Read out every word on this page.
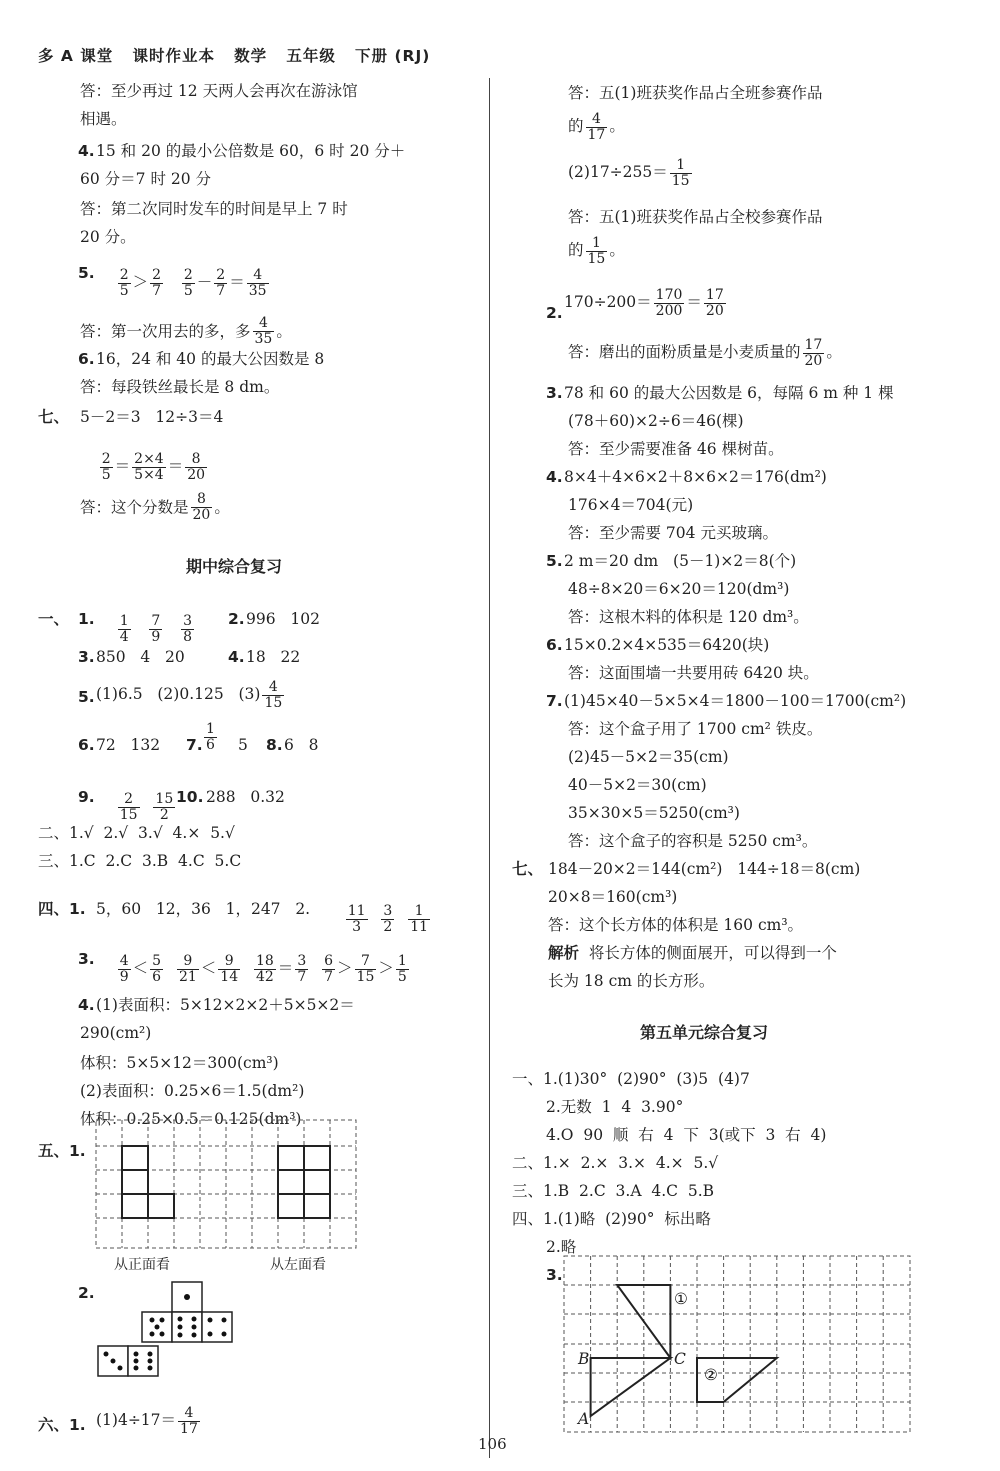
多 A 课堂   课时作业本   数学   五年级   下册 (RJ)
答：至少再过 12 天两人会再次在游泳馆
相遇。
4. 15 和 20 的最小公倍数是 60，6 时 20 分＋
60 分＝7 时 20 分
答：第二次同时发车的时间是早上 7 时
20 分。
5.

$\frac{2}{5} > \frac{2}{7}$
$\frac{2}{5} - \frac{2}{7} = \frac{4}{35}$

答：第一次用去的多，多 $\frac{4}{35}$ 。
6. 16，24 和 40 的最大公因数是 8
答：每段铁丝最长是 8 dm。
七、 5－2＝3   12÷3＝4

$\frac{2}{5} = \frac{2\times 4}{5\times 4} = \frac{8}{20}$

答：这个分数是 $\frac{8}{20}$ 。
期中综合复习
一、 1.

$\frac{1}{4}$
$\frac{7}{9}$
$\frac{3}{8}$

2. 996   102
3. 850   4   20	4. 18   22
5. (1)6.5   (2)0.125   $(3) \frac{4}{15}$
6. 72   132 7. $\frac{1}{6} 5$ 8. 6   8
9.

$\frac{2}{15}$
$\frac{15}{2}$

10. 288   0.32
二、1.√  2.√  3.√  4.×  5.√
三、1.C  2.C  3.B  4.C  5.C
四、1. 5，60   12，36   1，247   2.

	$\frac{11}{3}$
$\frac{3}{2}$
$\frac{1}{11}$

3.

$\frac{4}{9} < \frac{5}{6}$
$\frac{9}{21} < \frac{9}{14}$
$\frac{18}{42} = \frac{3}{7}$
$\frac{6}{7} > \frac{7}{15} > \frac{1}{5}$

4. (1)表面积：5×12×2×2＋5×5×2＝
290(cm²)
体积：5×5×12＝300(cm³)
(2)表面积：0.25×6＝1.5(dm²)
体积：0.25×0.5＝0.125(dm³)
五、1.
从正面看	从左面看
2.
六、1. $(1)4\div 17= \frac{4}{17}$
答：五(1)班获奖作品占全班参赛作品
的 $\frac{4}{17}$ 。
$(2)17\div 255= \frac{1}{15}$
答：五(1)班获奖作品占全校参赛作品
的 $\frac{1}{15}$ 。
2.
$170\div 200= \frac{170}{200} = \frac{17}{20}$
答：磨出的面粉质量是小麦质量的 $\frac{17}{20}$ 。
3. 78 和 60 的最大公因数是 6，每隔 6 m 种 1 棵
(78＋60)×2÷6＝46(棵)
答：至少需要准备 46 棵树苗。
4. 8×4＋4×6×2＋8×6×2＝176(dm²)
176×4＝704(元)
答：至少需要 704 元买玻璃。
5. 2 m＝20 dm   (5－1)×2＝8(个)
48÷8×20＝6×20＝120(dm³)
答：这根木料的体积是 120 dm³。
6. 15×0.2×4×535＝6420(块)
答：这面围墙一共要用砖 6420 块。
7. (1)45×40－5×5×4＝1800－100＝1700(cm²)
答：这个盒子用了 1700 cm² 铁皮。
(2)45－5×2＝35(cm)
40－5×2＝30(cm)
35×30×5＝5250(cm³)
答：这个盒子的容积是 5250 cm³。
七、 184－20×2＝144(cm²)   144÷18＝8(cm)
20×8＝160(cm³)
答：这个长方体的体积是 160 cm³。
解析  将长方体的侧面展开，可以得到一个
长为 18 cm 的长方形。
第五单元综合复习
一、1.(1)30°  (2)90°  (3)5  (4)7
2.无数  1  4  3.90°
4.O  90  顺  右  4  下  3(或下  3  右  4)
二、1.×  2.×  3.×  4.×  5.√
三、1.B  2.C  3.A  4.C  5.B
四、1.(1)略  (2)90°  标出略
2.略
3.
①
②
B	C
A
106
